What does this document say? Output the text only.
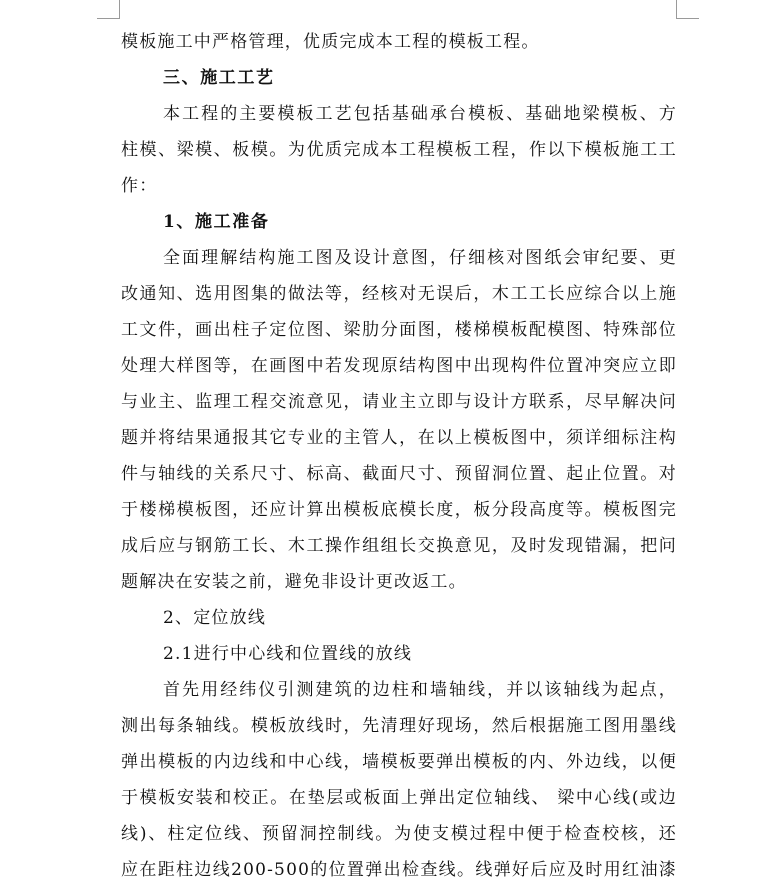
模板施工中严格管理，优质完成本工程的模板工程。
三、施工工艺
本工程的主要模板工艺包括基础承台模板、基础地梁模板、方
柱模、梁模、板模。为优质完成本工程模板工程，作以下模板施工工
作：
1、施工准备
全面理解结构施工图及设计意图，仔细核对图纸会审纪要、更
改通知、选用图集的做法等，经核对无误后，木工工长应综合以上施
工文件，画出柱子定位图、梁肋分面图，楼梯模板配模图、特殊部位
处理大样图等，在画图中若发现原结构图中出现构件位置冲突应立即
与业主、监理工程交流意见，请业主立即与设计方联系，尽早解决问
题并将结果通报其它专业的主管人，在以上模板图中，须详细标注构
件与轴线的关系尺寸、标高、截面尺寸、预留洞位置、起止位置。对
于楼梯模板图，还应计算出模板底模长度，板分段高度等。模板图完
成后应与钢筋工长、木工操作组组长交换意见，及时发现错漏，把问
题解决在安装之前，避免非设计更改返工。
2、定位放线
2.1进行中心线和位置线的放线
首先用经纬仪引测建筑的边柱和墙轴线，并以该轴线为起点，
测出每条轴线。模板放线时，先清理好现场，然后根据施工图用墨线
弹出模板的内边线和中心线，墙模板要弹出模板的内、外边线，以便
于模板安装和校正。在垫层或板面上弹出定位轴线、 梁中心线(或边
线)、柱定位线、预留洞控制线。为使支模过程中便于检查校核，还
应在距柱边线200-500的位置弹出检查线。线弹好后应及时用红油漆
